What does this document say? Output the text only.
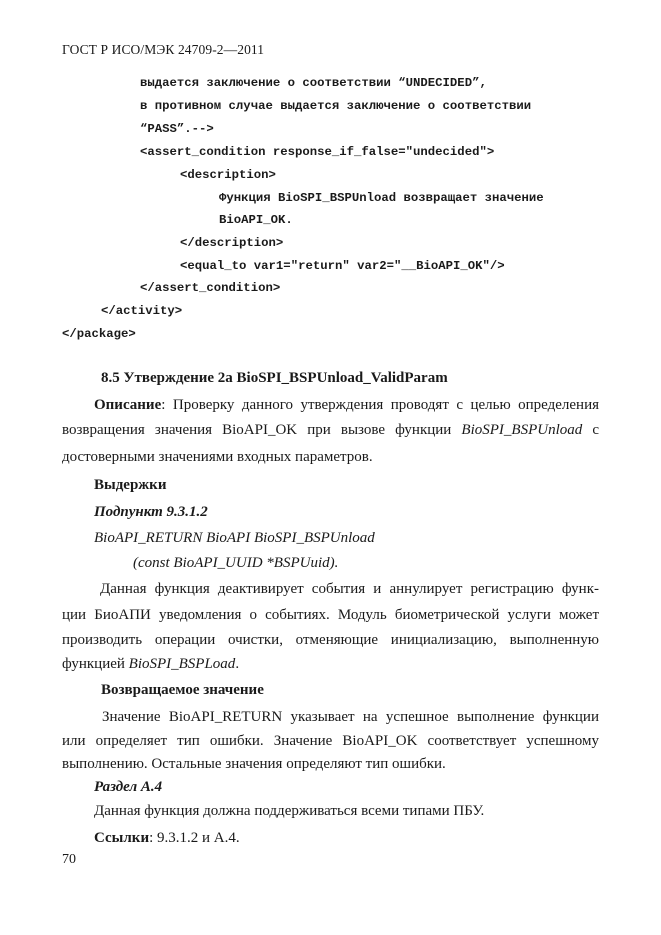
ГОСТ Р ИСО/МЭК 24709-2—2011

выдается заключение о соответствии “UNDECIDED”,

в противном случае выдается заключение о соответствии

“PASS”.-->

<assert_condition response_if_false="undecided">

<description>

Функция BioSPI_BSPUnload возвращает значение

BioAPI_OK.

</description>

<equal_to var1="return" var2="__BioAPI_OK"/>

</assert_condition>

</activity>

</package>

8.5 Утверждение 2a BioSPI_BSPUnload_ValidParam
Описание: Проверку данного утверждения проводят с целью определения
возвращения значения BioAPI_OK при вызове функции BioSPI_BSPUnload с
достоверными значениями входных параметров.
Выдержки
Подпункт 9.3.1.2
BioAPI_RETURN BioAPI BioSPI_BSPUnload
(const BioAPI_UUID *BSPUuid).
Данная функция деактивирует события и аннулирует регистрацию функ-
ции БиоАПИ уведомления о событиях. Модуль биометрической услуги может
производить операции очистки, отменяющие инициализацию, выполненную
функцией BioSPI_BSPLoad.
Возвращаемое значение
Значение BioAPI_RETURN указывает на успешное выполнение функции
или определяет тип ошибки. Значение BioAPI_OK соответствует успешному
выполнению. Остальные значения определяют тип ошибки.
Раздел А.4
Данная функция должна поддерживаться всеми типами ПБУ.
Ссылки: 9.3.1.2 и А.4.
70
